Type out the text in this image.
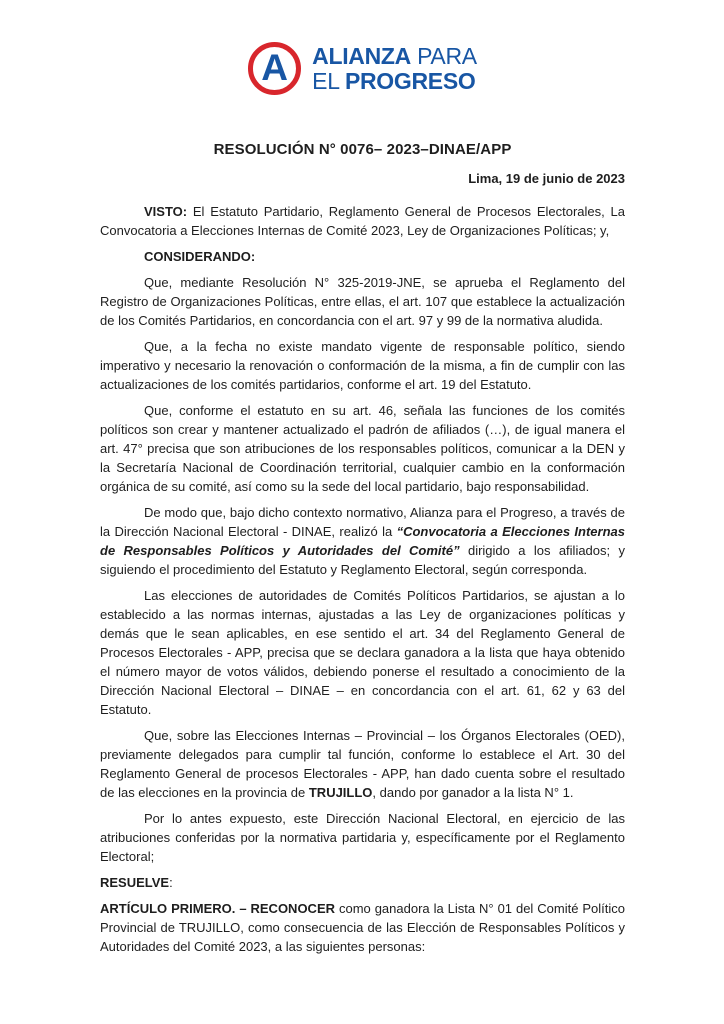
A ALIANZA PARA
EL PROGRESO
RESOLUCIÓN N° 0076– 2023–DINAE/APP
Lima, 19 de junio de 2023

VISTO: El Estatuto Partidario, Reglamento General de Procesos Electorales, La Convocatoria a Elecciones Internas de Comité 2023, Ley de Organizaciones Políticas; y,

CONSIDERANDO:

Que, mediante Resolución N° 325-2019-JNE, se aprueba el Reglamento del Registro de Organizaciones Políticas, entre ellas, el art. 107 que establece la actualización de los Comités Partidarios, en concordancia con el art. 97 y 99 de la normativa aludida.

Que, a la fecha no existe mandato vigente de responsable político, siendo imperativo y necesario la renovación o conformación de la misma, a fin de cumplir con las actualizaciones de los comités partidarios, conforme el art. 19 del Estatuto.

Que, conforme el estatuto en su art. 46, señala las funciones de los comités políticos son crear y mantener actualizado el padrón de afiliados (…), de igual manera el art. 47° precisa que son atribuciones de los responsables políticos, comunicar a la DEN y la Secretaría Nacional de Coordinación territorial, cualquier cambio en la conformación orgánica de su comité, así como su la sede del local partidario, bajo responsabilidad.

De modo que, bajo dicho contexto normativo, Alianza para el Progreso, a través de la Dirección Nacional Electoral - DINAE, realizó la “Convocatoria a Elecciones Internas de Responsables Políticos y Autoridades del Comité” dirigido a los afiliados; y siguiendo el procedimiento del Estatuto y Reglamento Electoral, según corresponda.

Las elecciones de autoridades de Comités Políticos Partidarios, se ajustan a lo establecido a las normas internas, ajustadas a las Ley de organizaciones políticas y demás que le sean aplicables, en ese sentido el art. 34 del Reglamento General de Procesos Electorales - APP, precisa que se declara ganadora a la lista que haya obtenido el número mayor de votos válidos, debiendo ponerse el resultado a conocimiento de la Dirección Nacional Electoral – DINAE – en concordancia con el art. 61, 62 y 63 del Estatuto.

Que, sobre las Elecciones Internas – Provincial – los Órganos Electorales (OED), previamente delegados para cumplir tal función, conforme lo establece el Art. 30 del Reglamento General de procesos Electorales - APP, han dado cuenta sobre el resultado de las elecciones en la provincia de TRUJILLO, dando por ganador a la lista N° 1.

Por lo antes expuesto, este Dirección Nacional Electoral, en ejercicio de las atribuciones conferidas por la normativa partidaria y, específicamente por el Reglamento Electoral;

RESUELVE:

ARTÍCULO PRIMERO. – RECONOCER como ganadora la Lista N° 01 del Comité Político Provincial de TRUJILLO, como consecuencia de las Elección de Responsables Políticos y Autoridades del Comité 2023, a las siguientes personas:
